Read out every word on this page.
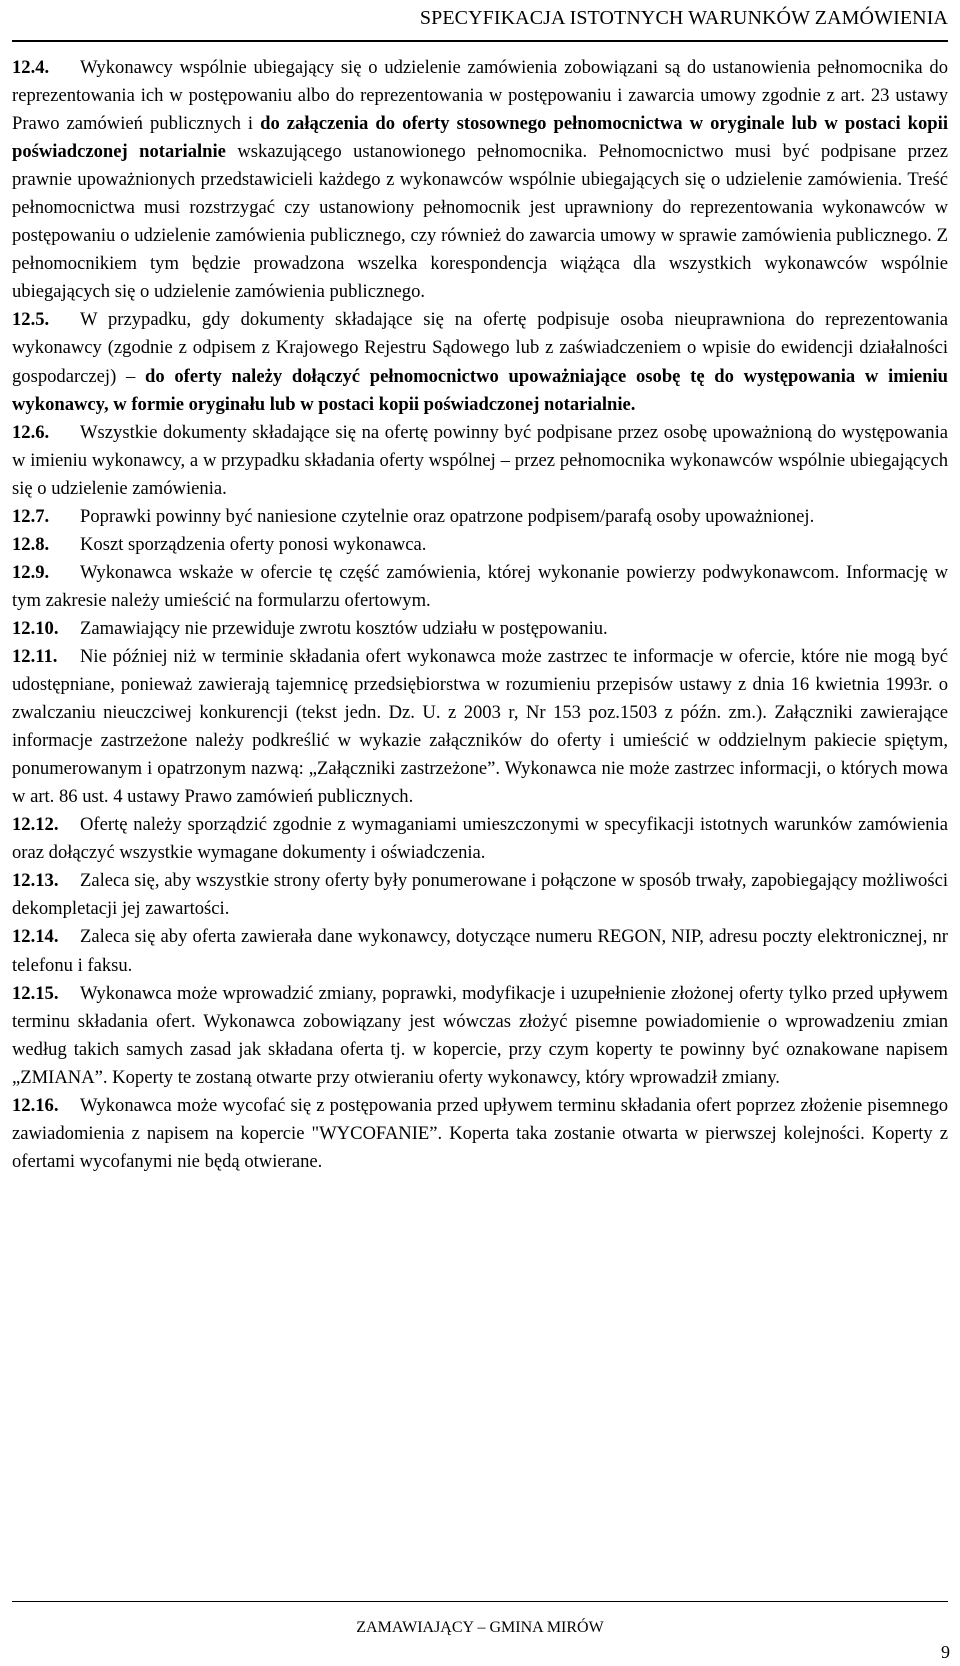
SPECYFIKACJA ISTOTNYCH WARUNKÓW ZAMÓWIENIA

12.4. Wykonawcy wspólnie ubiegający się o udzielenie zamówienia zobowiązani są do ustanowienia pełnomocnika do reprezentowania ich w postępowaniu albo do reprezentowania w postępowaniu i zawarcia umowy zgodnie z art. 23 ustawy Prawo zamówień publicznych i do załączenia do oferty stosownego pełnomocnictwa w oryginale lub w postaci kopii poświadczonej notarialnie wskazującego ustanowionego pełnomocnika. Pełnomocnictwo musi być podpisane przez prawnie upoważnionych przedstawicieli każdego z wykonawców wspólnie ubiegających się o udzielenie zamówienia. Treść pełnomocnictwa musi rozstrzygać czy ustanowiony pełnomocnik jest uprawniony do reprezentowania wykonawców w postępowaniu o udzielenie zamówienia publicznego, czy również do zawarcia umowy w sprawie zamówienia publicznego. Z pełnomocnikiem tym będzie prowadzona wszelka korespondencja wiążąca dla wszystkich wykonawców wspólnie ubiegających się o udzielenie zamówienia publicznego.

12.5. W przypadku, gdy dokumenty składające się na ofertę podpisuje osoba nieuprawniona do reprezentowania wykonawcy (zgodnie z odpisem z Krajowego Rejestru Sądowego lub z zaświadczeniem o wpisie do ewidencji działalności gospodarczej) – do oferty należy dołączyć pełnomocnictwo upoważniające osobę tę do występowania w imieniu wykonawcy, w formie oryginału lub w postaci kopii poświadczonej notarialnie.

12.6. Wszystkie dokumenty składające się na ofertę powinny być podpisane przez osobę upoważnioną do występowania w imieniu wykonawcy, a w przypadku składania oferty wspólnej – przez pełnomocnika wykonawców wspólnie ubiegających się o udzielenie zamówienia.

12.7. Poprawki powinny być naniesione czytelnie oraz opatrzone podpisem/parafą osoby upoważnionej.

12.8. Koszt sporządzenia oferty ponosi wykonawca.

12.9. Wykonawca wskaże w ofercie tę część zamówienia, której wykonanie powierzy podwykonawcom. Informację w tym zakresie należy umieścić na formularzu ofertowym.

12.10. Zamawiający nie przewiduje zwrotu kosztów udziału w postępowaniu.

12.11. Nie później niż w terminie składania ofert wykonawca może zastrzec te informacje w ofercie, które nie mogą być udostępniane, ponieważ zawierają tajemnicę przedsiębiorstwa w rozumieniu przepisów ustawy z dnia 16 kwietnia 1993r. o zwalczaniu nieuczciwej konkurencji (tekst jedn. Dz. U. z 2003 r, Nr 153 poz.1503 z późn. zm.). Załączniki zawierające informacje zastrzeżone należy podkreślić w wykazie załączników do oferty i umieścić w oddzielnym pakiecie spiętym, ponumerowanym i opatrzonym nazwą: „Załączniki zastrzeżone”. Wykonawca nie może zastrzec informacji, o których mowa w art. 86 ust. 4 ustawy Prawo zamówień publicznych.

12.12. Ofertę należy sporządzić zgodnie z wymaganiami umieszczonymi w specyfikacji istotnych warunków zamówienia oraz dołączyć wszystkie wymagane dokumenty i oświadczenia.

12.13. Zaleca się, aby wszystkie strony oferty były ponumerowane i połączone w sposób trwały, zapobiegający możliwości dekompletacji jej zawartości.

12.14. Zaleca się aby oferta zawierała dane wykonawcy, dotyczące numeru REGON, NIP, adresu poczty elektronicznej, nr telefonu i faksu.

12.15. Wykonawca może wprowadzić zmiany, poprawki, modyfikacje i uzupełnienie złożonej oferty tylko przed upływem terminu składania ofert. Wykonawca zobowiązany jest wówczas złożyć pisemne powiadomienie o wprowadzeniu zmian według takich samych zasad jak składana oferta tj. w kopercie, przy czym koperty te powinny być oznakowane napisem „ZMIANA”. Koperty te zostaną otwarte przy otwieraniu oferty wykonawcy, który wprowadził zmiany.

12.16. Wykonawca może wycofać się z postępowania przed upływem terminu składania ofert poprzez złożenie pisemnego zawiadomienia z napisem na kopercie "WYCOFANIE”. Koperta taka zostanie otwarta w pierwszej kolejności. Koperty z ofertami wycofanymi nie będą otwierane.

ZAMAWIAJĄCY – GMINA MIRÓW
9
